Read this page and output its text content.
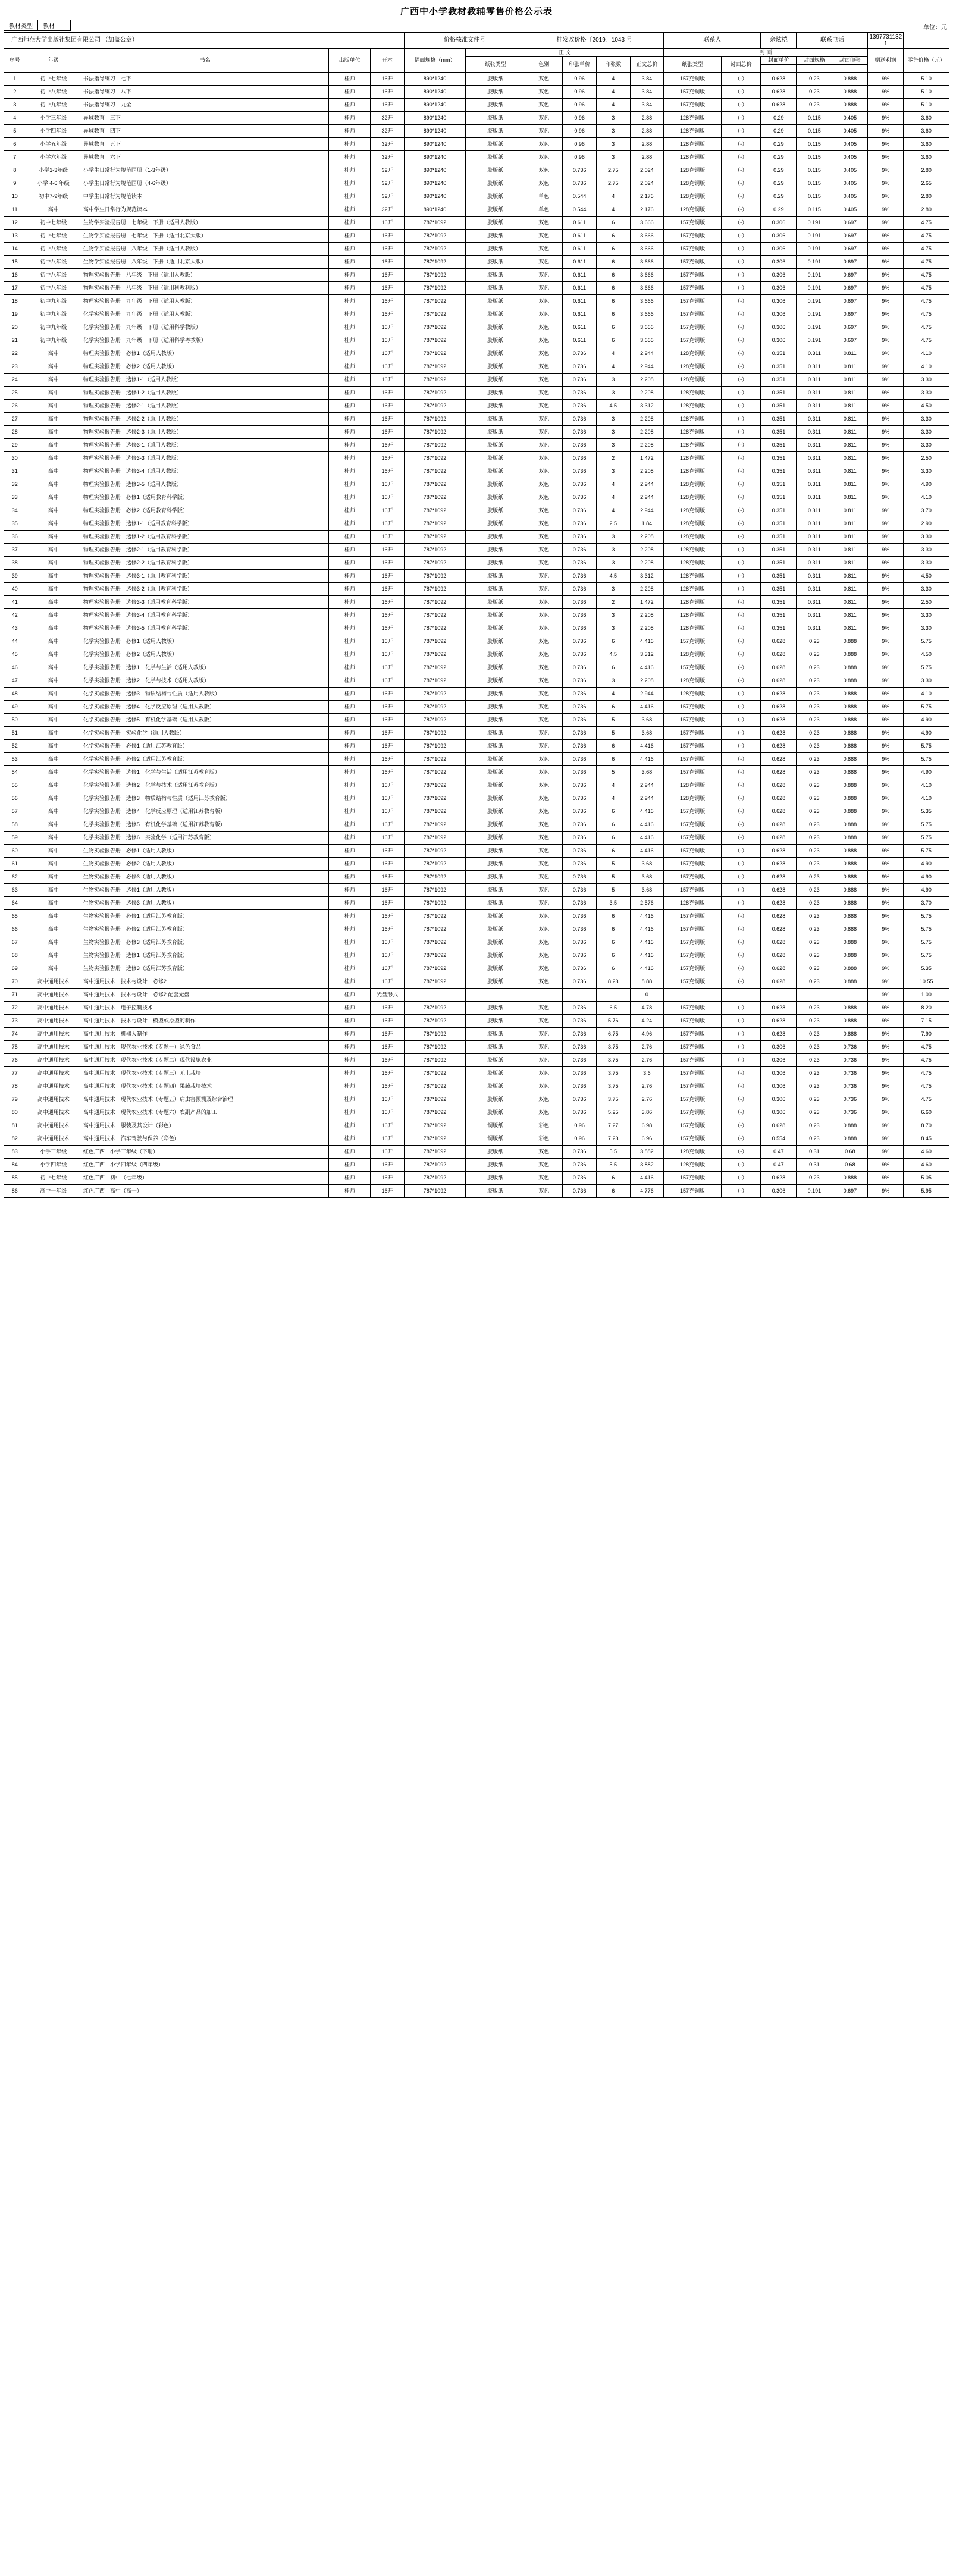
广西中小学教材教辅零售价格公示表
教材类型	教材	单位：元
广西师范大学出版社集团有限公司 （加盖公章）					价格核准文件号		桂发改价格〔2019〕1043 号				联系人		余炫桤	联系电话		13977311321	
序号	年级	书名	出版单位	开本	幅面规格（mm）	正 文					封 面					赠送利润	零售价格（元）
						纸张类型	色别	印张单价	印张数	正文总价	纸张类型	封面总价	封面单价	封面规格	封面印张		

1	初中七年级	书法指导练习　七下	桂师	16开	890*1240	胶版纸	双色	0.96	4	3.84	157克铜版	（-）	0.628	0.23	0.888	9%	5.10
2	初中八年级	书法指导练习　八下	桂师	16开	890*1240	胶版纸	双色	0.96	4	3.84	157克铜版	（-）	0.628	0.23	0.888	9%	5.10
3	初中九年级	书法指导练习　九全	桂师	16开	890*1240	胶版纸	双色	0.96	4	3.84	157克铜版	（-）	0.628	0.23	0.888	9%	5.10
4	小学三年级	异域教育　三下	桂师	32开	890*1240	胶版纸	双色	0.96	3	2.88	128克铜版	（-）	0.29	0.115	0.405	9%	3.60
5	小学四年级	异域教育　四下	桂师	32开	890*1240	胶版纸	双色	0.96	3	2.88	128克铜版	（-）	0.29	0.115	0.405	9%	3.60
6	小学五年级	异域教育　五下	桂师	32开	890*1240	胶版纸	双色	0.96	3	2.88	128克铜版	（-）	0.29	0.115	0.405	9%	3.60
7	小学六年级	异域教育　六下	桂师	32开	890*1240	胶版纸	双色	0.96	3	2.88	128克铜版	（-）	0.29	0.115	0.405	9%	3.60
8	小学1-3年级	小学生日常行为规范国册（1-3年级）	桂师	32开	890*1240	胶版纸	双色	0.736	2.75	2.024	128克铜版	（-）	0.29	0.115	0.405	9%	2.80
9	小学 4-6 年级	小学生日常行为规范国册（4-6年级）	桂师	32开	890*1240	胶版纸	双色	0.736	2.75	2.024	128克铜版	（-）	0.29	0.115	0.405	9%	2.65
10	初中7-9年级	中学生日常行为规范读本	桂师	32开	890*1240	胶版纸	单色	0.544	4	2.176	128克铜版	（-）	0.29	0.115	0.405	9%	2.80
11	高中	高中学生日常行为规范读本	桂师	32开	890*1240	胶版纸	单色	0.544	4	2.176	128克铜版	（-）	0.29	0.115	0.405	9%	2.80
12	初中七年级	生物学实验报告册　七年级　下册（适用人教版）	桂师	16开	787*1092	胶版纸	双色	0.611	6	3.666	157克铜版	（-）	0.306	0.191	0.697	9%	4.75
13	初中七年级	生物学实验报告册　七年级　下册（适用北京大版）	桂师	16开	787*1092	胶版纸	双色	0.611	6	3.666	157克铜版	（-）	0.306	0.191	0.697	9%	4.75
14	初中八年级	生物学实验报告册　八年级　下册（适用人教版）	桂师	16开	787*1092	胶版纸	双色	0.611	6	3.666	157克铜版	（-）	0.306	0.191	0.697	9%	4.75
15	初中八年级	生物学实验报告册　八年级　下册（适用北京大版）	桂师	16开	787*1092	胶版纸	双色	0.611	6	3.666	157克铜版	（-）	0.306	0.191	0.697	9%	4.75
16	初中八年级	物理实验报告册　八年级　下册（适用人教版）	桂师	16开	787*1092	胶版纸	双色	0.611	6	3.666	157克铜版	（-）	0.306	0.191	0.697	9%	4.75
17	初中八年级	物理实验报告册　八年级　下册（适用科教科版）	桂师	16开	787*1092	胶版纸	双色	0.611	6	3.666	157克铜版	（-）	0.306	0.191	0.697	9%	4.75
18	初中九年级	物理实验报告册　九年级　下册（适用人教版）	桂师	16开	787*1092	胶版纸	双色	0.611	6	3.666	157克铜版	（-）	0.306	0.191	0.697	9%	4.75
19	初中九年级	化学实验报告册　九年级　下册（适用人教版）	桂师	16开	787*1092	胶版纸	双色	0.611	6	3.666	157克铜版	（-）	0.306	0.191	0.697	9%	4.75
20	初中九年级	化学实验报告册　九年级　下册（适用科学教版）	桂师	16开	787*1092	胶版纸	双色	0.611	6	3.666	157克铜版	（-）	0.306	0.191	0.697	9%	4.75
21	初中九年级	化学实验报告册　九年级　下册（适用科学粤教版）	桂师	16开	787*1092	胶版纸	双色	0.611	6	3.666	157克铜版	（-）	0.306	0.191	0.697	9%	4.75
22	高中	物理实验报告册　必修1（适用人教版）	桂师	16开	787*1092	胶版纸	双色	0.736	4	2.944	128克铜版	（-）	0.351	0.311	0.811	9%	4.10
23	高中	物理实验报告册　必修2（适用人教版）	桂师	16开	787*1092	胶版纸	双色	0.736	4	2.944	128克铜版	（-）	0.351	0.311	0.811	9%	4.10
24	高中	物理实验报告册　选修1-1（适用人教版）	桂师	16开	787*1092	胶版纸	双色	0.736	3	2.208	128克铜版	（-）	0.351	0.311	0.811	9%	3.30
25	高中	物理实验报告册　选修1-2（适用人教版）	桂师	16开	787*1092	胶版纸	双色	0.736	3	2.208	128克铜版	（-）	0.351	0.311	0.811	9%	3.30
26	高中	物理实验报告册　选修2-1（适用人教版）	桂师	16开	787*1092	胶版纸	双色	0.736	4.5	3.312	128克铜版	（-）	0.351	0.311	0.811	9%	4.50
27	高中	物理实验报告册　选修2-2（适用人教版）	桂师	16开	787*1092	胶版纸	双色	0.736	3	2.208	128克铜版	（-）	0.351	0.311	0.811	9%	3.30
28	高中	物理实验报告册　选修2-3（适用人教版）	桂师	16开	787*1092	胶版纸	双色	0.736	3	2.208	128克铜版	（-）	0.351	0.311	0.811	9%	3.30
29	高中	物理实验报告册　选修3-1（适用人教版）	桂师	16开	787*1092	胶版纸	双色	0.736	3	2.208	128克铜版	（-）	0.351	0.311	0.811	9%	3.30
30	高中	物理实验报告册　选修3-3（适用人教版）	桂师	16开	787*1092	胶版纸	双色	0.736	2	1.472	128克铜版	（-）	0.351	0.311	0.811	9%	2.50
31	高中	物理实验报告册　选修3-4（适用人教版）	桂师	16开	787*1092	胶版纸	双色	0.736	3	2.208	128克铜版	（-）	0.351	0.311	0.811	9%	3.30
32	高中	物理实验报告册　选修3-5（适用人教版）	桂师	16开	787*1092	胶版纸	双色	0.736	4	2.944	128克铜版	（-）	0.351	0.311	0.811	9%	4.90
33	高中	物理实验报告册　必修1（适用教育科学版）	桂师	16开	787*1092	胶版纸	双色	0.736	4	2.944	128克铜版	（-）	0.351	0.311	0.811	9%	4.10
34	高中	物理实验报告册　必修2（适用教育科学版）	桂师	16开	787*1092	胶版纸	双色	0.736	4	2.944	128克铜版	（-）	0.351	0.311	0.811	9%	3.70
35	高中	物理实验报告册　选修1-1（适用教育科学版）	桂师	16开	787*1092	胶版纸	双色	0.736	2.5	1.84	128克铜版	（-）	0.351	0.311	0.811	9%	2.90
36	高中	物理实验报告册　选修1-2（适用教育科学版）	桂师	16开	787*1092	胶版纸	双色	0.736	3	2.208	128克铜版	（-）	0.351	0.311	0.811	9%	3.30
37	高中	物理实验报告册　选修2-1（适用教育科学版）	桂师	16开	787*1092	胶版纸	双色	0.736	3	2.208	128克铜版	（-）	0.351	0.311	0.811	9%	3.30
38	高中	物理实验报告册　选修2-2（适用教育科学版）	桂师	16开	787*1092	胶版纸	双色	0.736	3	2.208	128克铜版	（-）	0.351	0.311	0.811	9%	3.30
39	高中	物理实验报告册　选修3-1（适用教育科学版）	桂师	16开	787*1092	胶版纸	双色	0.736	4.5	3.312	128克铜版	（-）	0.351	0.311	0.811	9%	4.50
40	高中	物理实验报告册　选修3-2（适用教育科学版）	桂师	16开	787*1092	胶版纸	双色	0.736	3	2.208	128克铜版	（-）	0.351	0.311	0.811	9%	3.30
41	高中	物理实验报告册　选修3-3（适用教育科学版）	桂师	16开	787*1092	胶版纸	双色	0.736	2	1.472	128克铜版	（-）	0.351	0.311	0.811	9%	2.50
42	高中	物理实验报告册　选修3-4（适用教育科学版）	桂师	16开	787*1092	胶版纸	双色	0.736	3	2.208	128克铜版	（-）	0.351	0.311	0.811	9%	3.30
43	高中	物理实验报告册　选修3-5（适用教育科学版）	桂师	16开	787*1092	胶版纸	双色	0.736	3	2.208	128克铜版	（-）	0.351	0.311	0.811	9%	3.30
44	高中	化学实验报告册　必修1（适用人教版）	桂师	16开	787*1092	胶版纸	双色	0.736	6	4.416	157克铜版	（-）	0.628	0.23	0.888	9%	5.75
45	高中	化学实验报告册　必修2（适用人教版）	桂师	16开	787*1092	胶版纸	双色	0.736	4.5	3.312	128克铜版	（-）	0.628	0.23	0.888	9%	4.50
46	高中	化学实验报告册　选修1　化学与生活（适用人教版）	桂师	16开	787*1092	胶版纸	双色	0.736	6	4.416	157克铜版	（-）	0.628	0.23	0.888	9%	5.75
47	高中	化学实验报告册　选修2　化学与技术（适用人教版）	桂师	16开	787*1092	胶版纸	双色	0.736	3	2.208	128克铜版	（-）	0.628	0.23	0.888	9%	3.30
48	高中	化学实验报告册　选修3　物质结构与性质（适用人教版）	桂师	16开	787*1092	胶版纸	双色	0.736	4	2.944	128克铜版	（-）	0.628	0.23	0.888	9%	4.10
49	高中	化学实验报告册　选修4　化学反应原理（适用人教版）	桂师	16开	787*1092	胶版纸	双色	0.736	6	4.416	157克铜版	（-）	0.628	0.23	0.888	9%	5.75
50	高中	化学实验报告册　选修5　有机化学基础（适用人教版）	桂师	16开	787*1092	胶版纸	双色	0.736	5	3.68	157克铜版	（-）	0.628	0.23	0.888	9%	4.90
51	高中	化学实验报告册　实验化学（适用人教版）	桂师	16开	787*1092	胶版纸	双色	0.736	5	3.68	157克铜版	（-）	0.628	0.23	0.888	9%	4.90
52	高中	化学实验报告册　必修1（适用江苏教育版）	桂师	16开	787*1092	胶版纸	双色	0.736	6	4.416	157克铜版	（-）	0.628	0.23	0.888	9%	5.75
53	高中	化学实验报告册　必修2（适用江苏教育版）	桂师	16开	787*1092	胶版纸	双色	0.736	6	4.416	157克铜版	（-）	0.628	0.23	0.888	9%	5.75
54	高中	化学实验报告册　选修1　化学与生活（适用江苏教育版）	桂师	16开	787*1092	胶版纸	双色	0.736	5	3.68	157克铜版	（-）	0.628	0.23	0.888	9%	4.90
55	高中	化学实验报告册　选修2　化学与技术（适用江苏教育版）	桂师	16开	787*1092	胶版纸	双色	0.736	4	2.944	128克铜版	（-）	0.628	0.23	0.888	9%	4.10
56	高中	化学实验报告册　选修3　物质结构与性质（适用江苏教育版）	桂师	16开	787*1092	胶版纸	双色	0.736	4	2.944	128克铜版	（-）	0.628	0.23	0.888	9%	4.10
57	高中	化学实验报告册　选修4　化学反应原理（适用江苏教育版）	桂师	16开	787*1092	胶版纸	双色	0.736	6	4.416	157克铜版	（-）	0.628	0.23	0.888	9%	5.35
58	高中	化学实验报告册　选修5　有机化学基础（适用江苏教育版）	桂师	16开	787*1092	胶版纸	双色	0.736	6	4.416	157克铜版	（-）	0.628	0.23	0.888	9%	5.75
59	高中	化学实验报告册　选修6　实验化学（适用江苏教育版）	桂师	16开	787*1092	胶版纸	双色	0.736	6	4.416	157克铜版	（-）	0.628	0.23	0.888	9%	5.75
60	高中	生物实验报告册　必修1（适用人教版）	桂师	16开	787*1092	胶版纸	双色	0.736	6	4.416	157克铜版	（-）	0.628	0.23	0.888	9%	5.75
61	高中	生物实验报告册　必修2（适用人教版）	桂师	16开	787*1092	胶版纸	双色	0.736	5	3.68	157克铜版	（-）	0.628	0.23	0.888	9%	4.90
62	高中	生物实验报告册　必修3（适用人教版）	桂师	16开	787*1092	胶版纸	双色	0.736	5	3.68	157克铜版	（-）	0.628	0.23	0.888	9%	4.90
63	高中	生物实验报告册　选修1（适用人教版）	桂师	16开	787*1092	胶版纸	双色	0.736	5	3.68	157克铜版	（-）	0.628	0.23	0.888	9%	4.90
64	高中	生物实验报告册　选修3（适用人教版）	桂师	16开	787*1092	胶版纸	双色	0.736	3.5	2.576	128克铜版	（-）	0.628	0.23	0.888	9%	3.70
65	高中	生物实验报告册　必修1（适用江苏教育版）	桂师	16开	787*1092	胶版纸	双色	0.736	6	4.416	157克铜版	（-）	0.628	0.23	0.888	9%	5.75
66	高中	生物实验报告册　必修2（适用江苏教育版）	桂师	16开	787*1092	胶版纸	双色	0.736	6	4.416	157克铜版	（-）	0.628	0.23	0.888	9%	5.75
67	高中	生物实验报告册　必修3（适用江苏教育版）	桂师	16开	787*1092	胶版纸	双色	0.736	6	4.416	157克铜版	（-）	0.628	0.23	0.888	9%	5.75
68	高中	生物实验报告册　选修1（适用江苏教育版）	桂师	16开	787*1092	胶版纸	双色	0.736	6	4.416	157克铜版	（-）	0.628	0.23	0.888	9%	5.75
69	高中	生物实验报告册　选修3（适用江苏教育版）	桂师	16开	787*1092	胶版纸	双色	0.736	6	4.416	157克铜版	（-）	0.628	0.23	0.888	9%	5.35
70	高中通用技术	高中通用技术　技术与设计　必修2	桂师	16开	787*1092	胶版纸	双色	0.736	8.23	8.88	157克铜版	（-）	0.628	0.23	0.888	9%	10.55
71	高中通用技术	高中通用技术　技术与设计　必修2 配套光盘	桂师	光盘形式						0						9%	1.00
72	高中通用技术	高中通用技术　电子控制技术	桂师	16开	787*1092	胶版纸	双色	0.736	6.5	4.78	157克铜版	（-）	0.628	0.23	0.888	9%	8.20
73	高中通用技术	高中通用技术　技术与设计　模型或原型的制作	桂师	16开	787*1092	胶版纸	双色	0.736	5.76	4.24	157克铜版	（-）	0.628	0.23	0.888	9%	7.15
74	高中通用技术	高中通用技术　机器人制作	桂师	16开	787*1092	胶版纸	双色	0.736	6.75	4.96	157克铜版	（-）	0.628	0.23	0.888	9%	7.90
75	高中通用技术	高中通用技术　现代农业技术（专题一）绿色食品	桂师	16开	787*1092	胶版纸	双色	0.736	3.75	2.76	157克铜版	（-）	0.306	0.23	0.736	9%	4.75
76	高中通用技术	高中通用技术　现代农业技术（专题二）现代设施农业	桂师	16开	787*1092	胶版纸	双色	0.736	3.75	2.76	157克铜版	（-）	0.306	0.23	0.736	9%	4.75
77	高中通用技术	高中通用技术　现代农业技术（专题三）无土栽培	桂师	16开	787*1092	胶版纸	双色	0.736	3.75	3.6	157克铜版	（-）	0.306	0.23	0.736	9%	4.75
78	高中通用技术	高中通用技术　现代农业技术（专题四）果蔬栽培技术	桂师	16开	787*1092	胶版纸	双色	0.736	3.75	2.76	157克铜版	（-）	0.306	0.23	0.736	9%	4.75
79	高中通用技术	高中通用技术　现代农业技术（专题五）病虫害预测及综合治理	桂师	16开	787*1092	胶版纸	双色	0.736	3.75	2.76	157克铜版	（-）	0.306	0.23	0.736	9%	4.75
80	高中通用技术	高中通用技术　现代农业技术（专题六）农副产品的加工	桂师	16开	787*1092	胶版纸	双色	0.736	5.25	3.86	157克铜版	（-）	0.306	0.23	0.736	9%	6.60
81	高中通用技术	高中通用技术　服装及其设计（彩色）	桂师	16开	787*1092	铜版纸	彩色	0.96	7.27	6.98	157克铜版	（-）	0.628	0.23	0.888	9%	8.70
82	高中通用技术	高中通用技术　汽车驾驶与保养（彩色）	桂师	16开	787*1092	铜版纸	彩色	0.96	7.23	6.96	157克铜版	（-）	0.554	0.23	0.888	9%	8.45
83	小学三年级	红色广西　小学三年级（下册）	桂师	16开	787*1092	胶版纸	双色	0.736	5.5	3.882	128克铜版	（-）	0.47	0.31	0.68	9%	4.60
84	小学四年级	红色广西　小学四年级（四年级）	桂师	16开	787*1092	胶版纸	双色	0.736	5.5	3.882	128克铜版	（-）	0.47	0.31	0.68	9%	4.60
85	初中七年级	红色广西　初中（七年级）	桂师	16开	787*1092	胶版纸	双色	0.736	6	4.416	157克铜版	（-）	0.628	0.23	0.888	9%	5.05
86	高中一年级	红色广西　高中（高一）	桂师	16开	787*1092	胶版纸	双色	0.736	6	4.776	157克铜版	（-）	0.306	0.191	0.697	9%	5.95
